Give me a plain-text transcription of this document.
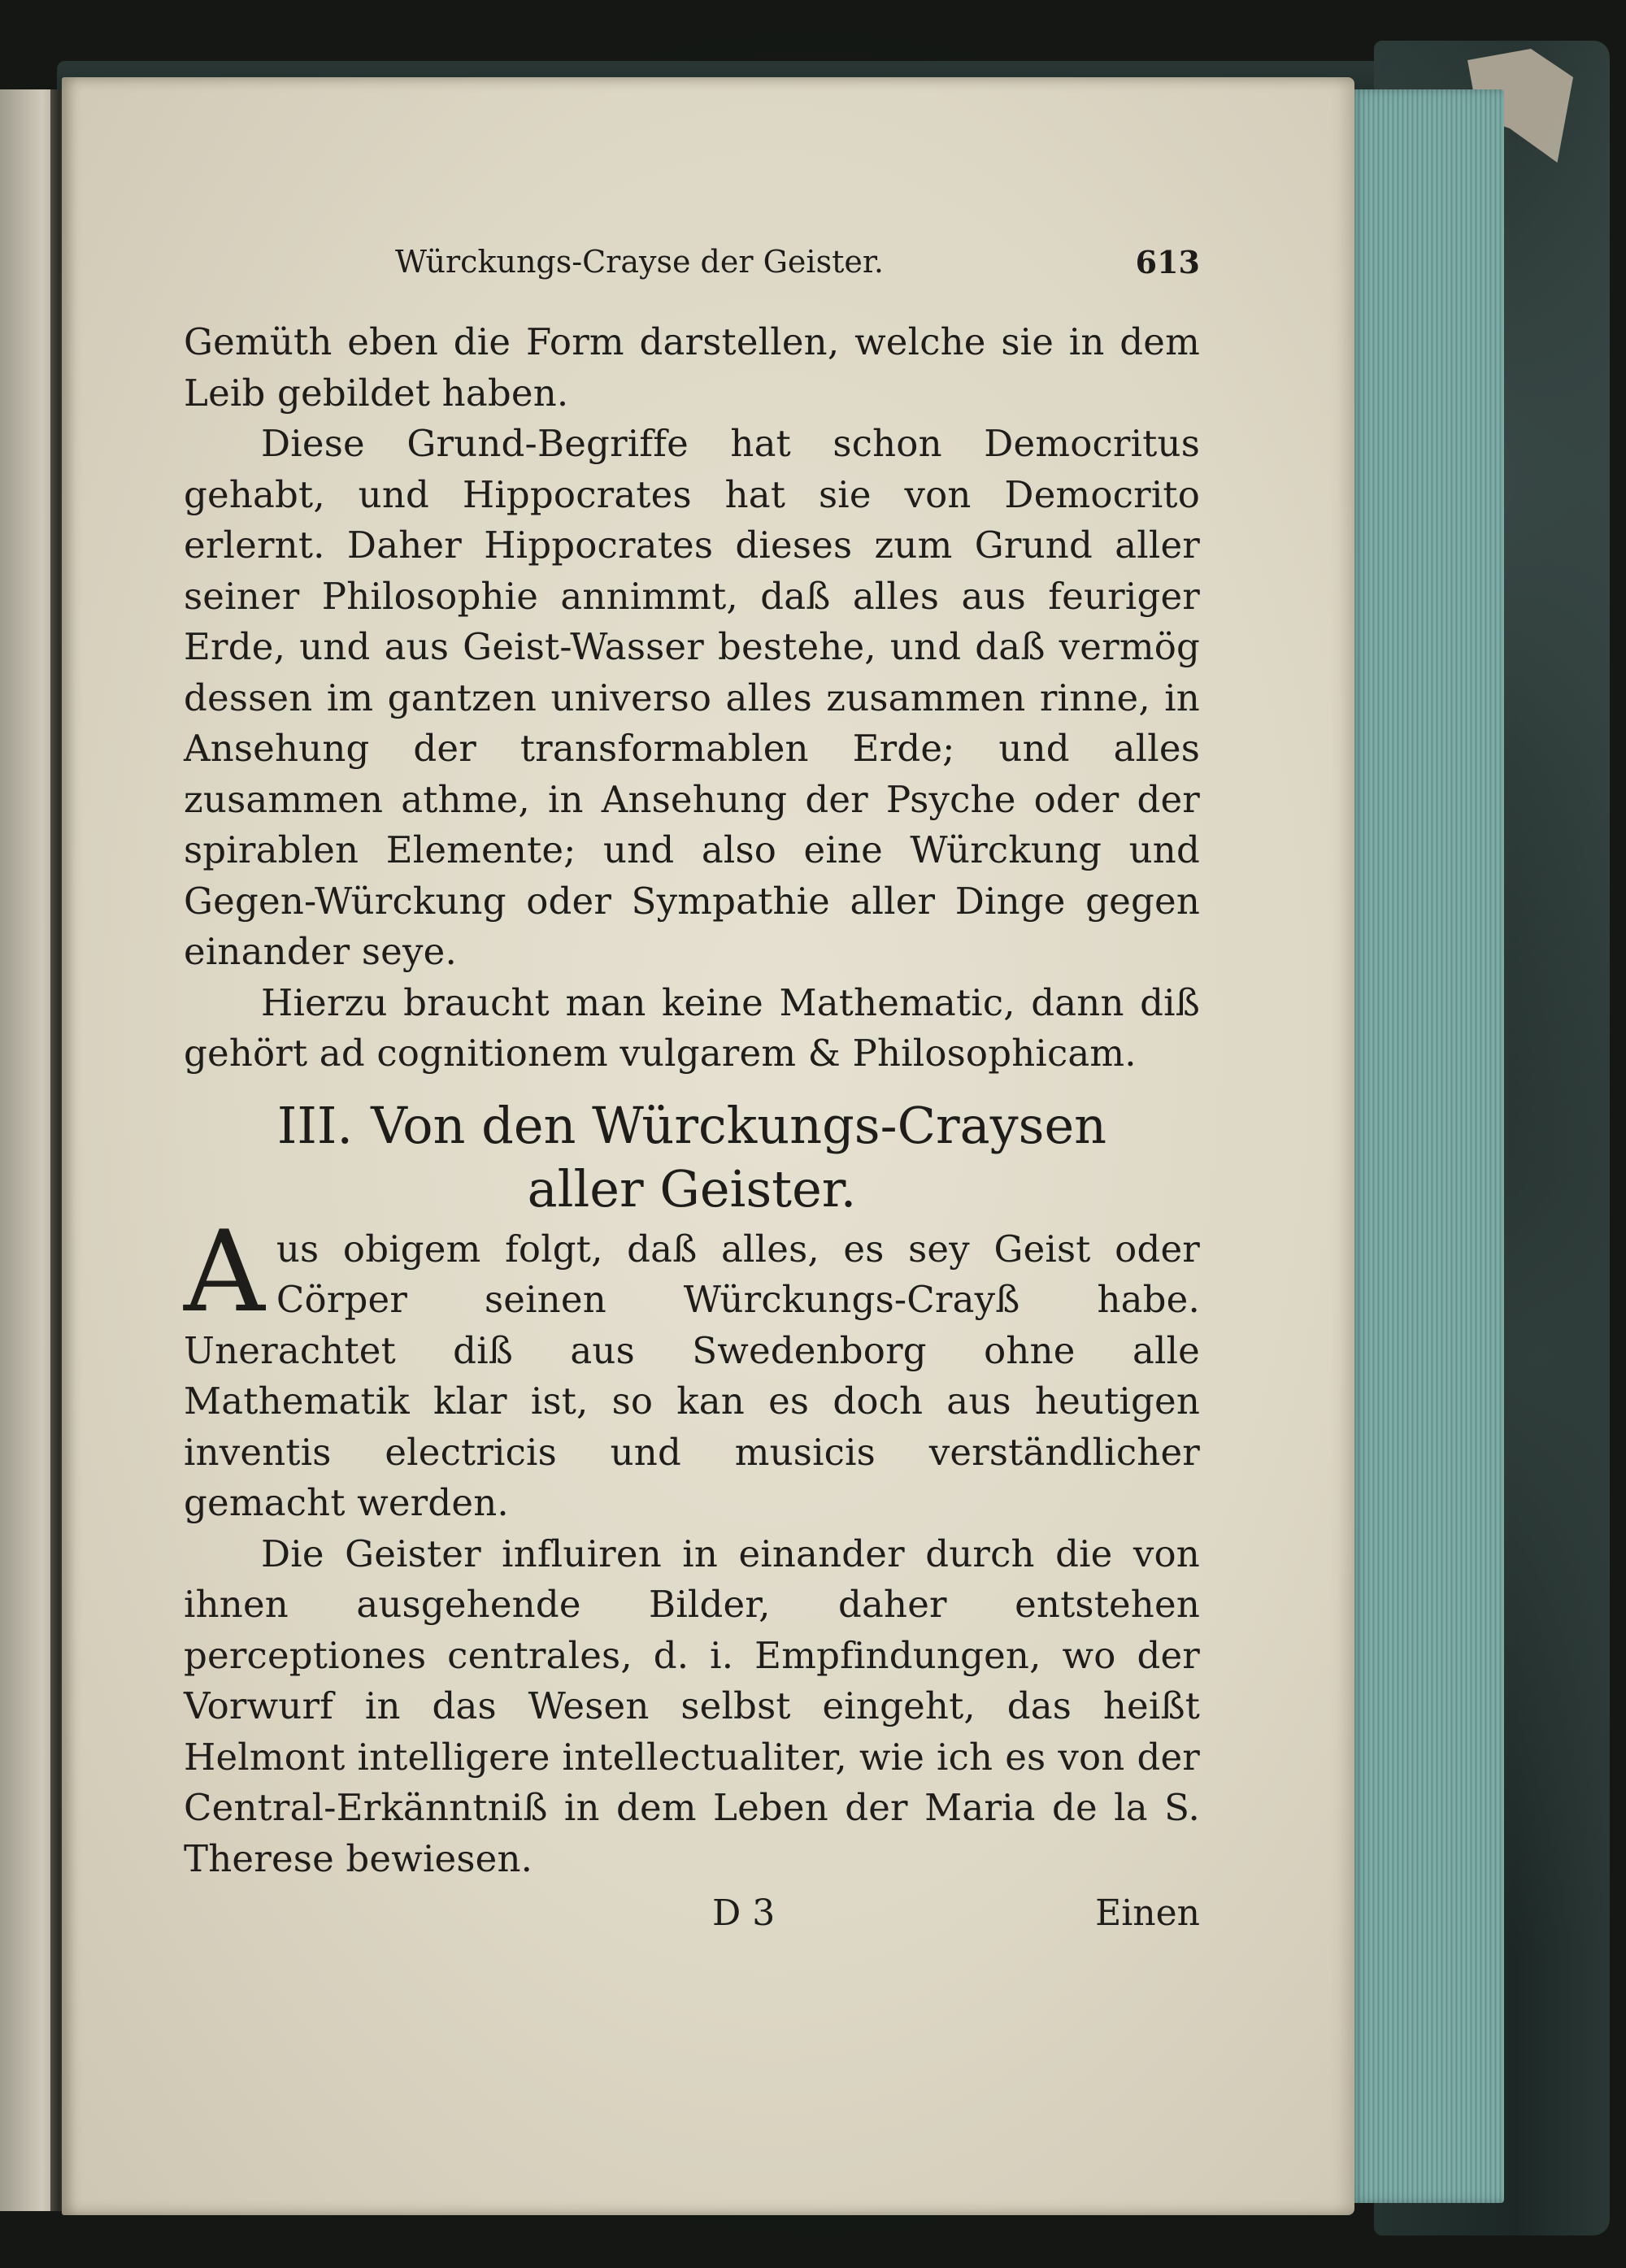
Würckungs-Crayse der Geister.	613

Gemüth eben die Form darstellen, welche sie in dem Leib gebildet haben.

Diese Grund-Begriffe hat schon Democritus gehabt, und Hippocrates hat sie von Democrito erlernt. Daher Hippocrates dieses zum Grund aller seiner Philosophie annimmt, daß alles aus feuriger Erde, und aus Geist-Wasser bestehe, und daß vermög dessen im gantzen universo alles zusammen rinne, in Ansehung der transformablen Erde; und alles zusammen athme, in Ansehung der Psyche oder der spirablen Elemente; und also eine Würckung und Gegen-Würckung oder Sympathie aller Dinge gegen einander seye.

Hierzu braucht man keine Mathematic, dann diß gehört ad cognitionem vulgarem & Philosophicam.

III. Von den Würckungs-Craysen
aller Geister.

Aus obigem folgt, daß alles, es sey Geist oder Cörper seinen Würckungs-Crayß habe. Unerachtet diß aus Swedenborg ohne alle Mathematik klar ist, so kan es doch aus heutigen inventis electricis und musicis verständlicher gemacht werden.

Die Geister influiren in einander durch die von ihnen ausgehende Bilder, daher entstehen perceptiones centrales, d. i. Empfindungen, wo der Vorwurf in das Wesen selbst eingeht, das heißt Helmont intelligere intellectualiter, wie ich es von der Central-Erkänntniß in dem Leben der Maria de la S. Therese bewiesen.

D 3	Einen
